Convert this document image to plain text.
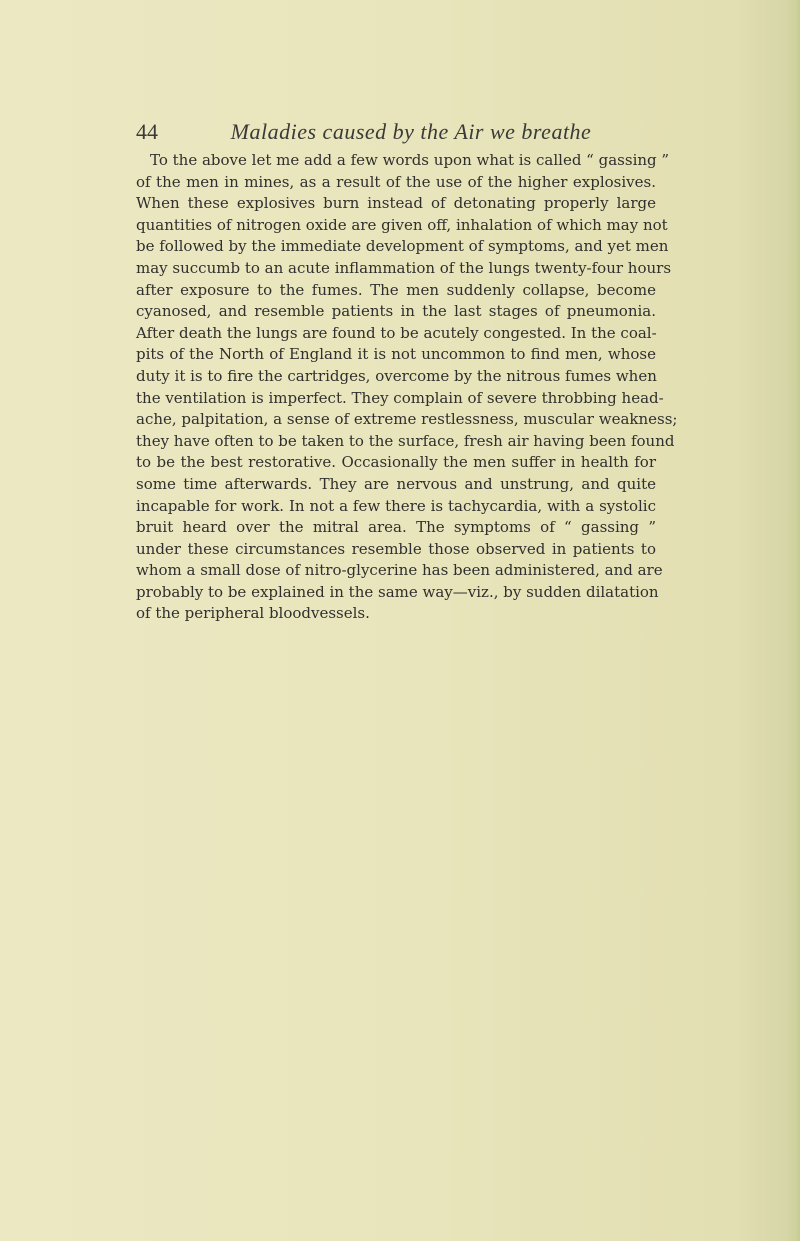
44	Maladies caused by the Air we breathe
To the above let me add a few words upon what is called “ gassing ”
of the men in mines, as a result of the use of the higher explosives.
When these explosives burn instead of detonating properly large
quantities of nitrogen oxide are given off, inhalation of which may not
be followed by the immediate development of symptoms, and yet men
may succumb to an acute inflammation of the lungs twenty-four hours
after exposure to the fumes. The men suddenly collapse, become
cyanosed, and resemble patients in the last stages of pneumonia.
After death the lungs are found to be acutely congested. In the coal-
pits of the North of England it is not uncommon to find men, whose
duty it is to fire the cartridges, overcome by the nitrous fumes when
the ventilation is imperfect. They complain of severe throbbing head-
ache, palpitation, a sense of extreme restlessness, muscular weakness;
they have often to be taken to the surface, fresh air having been found
to be the best restorative. Occasionally the men suffer in health for
some time afterwards. They are nervous and unstrung, and quite
incapable for work. In not a few there is tachycardia, with a systolic
bruit heard over the mitral area. The symptoms of “ gassing ”
under these circumstances resemble those observed in patients to
whom a small dose of nitro-glycerine has been administered, and are
probably to be explained in the same way—viz., by sudden dilatation
of the peripheral bloodvessels.
